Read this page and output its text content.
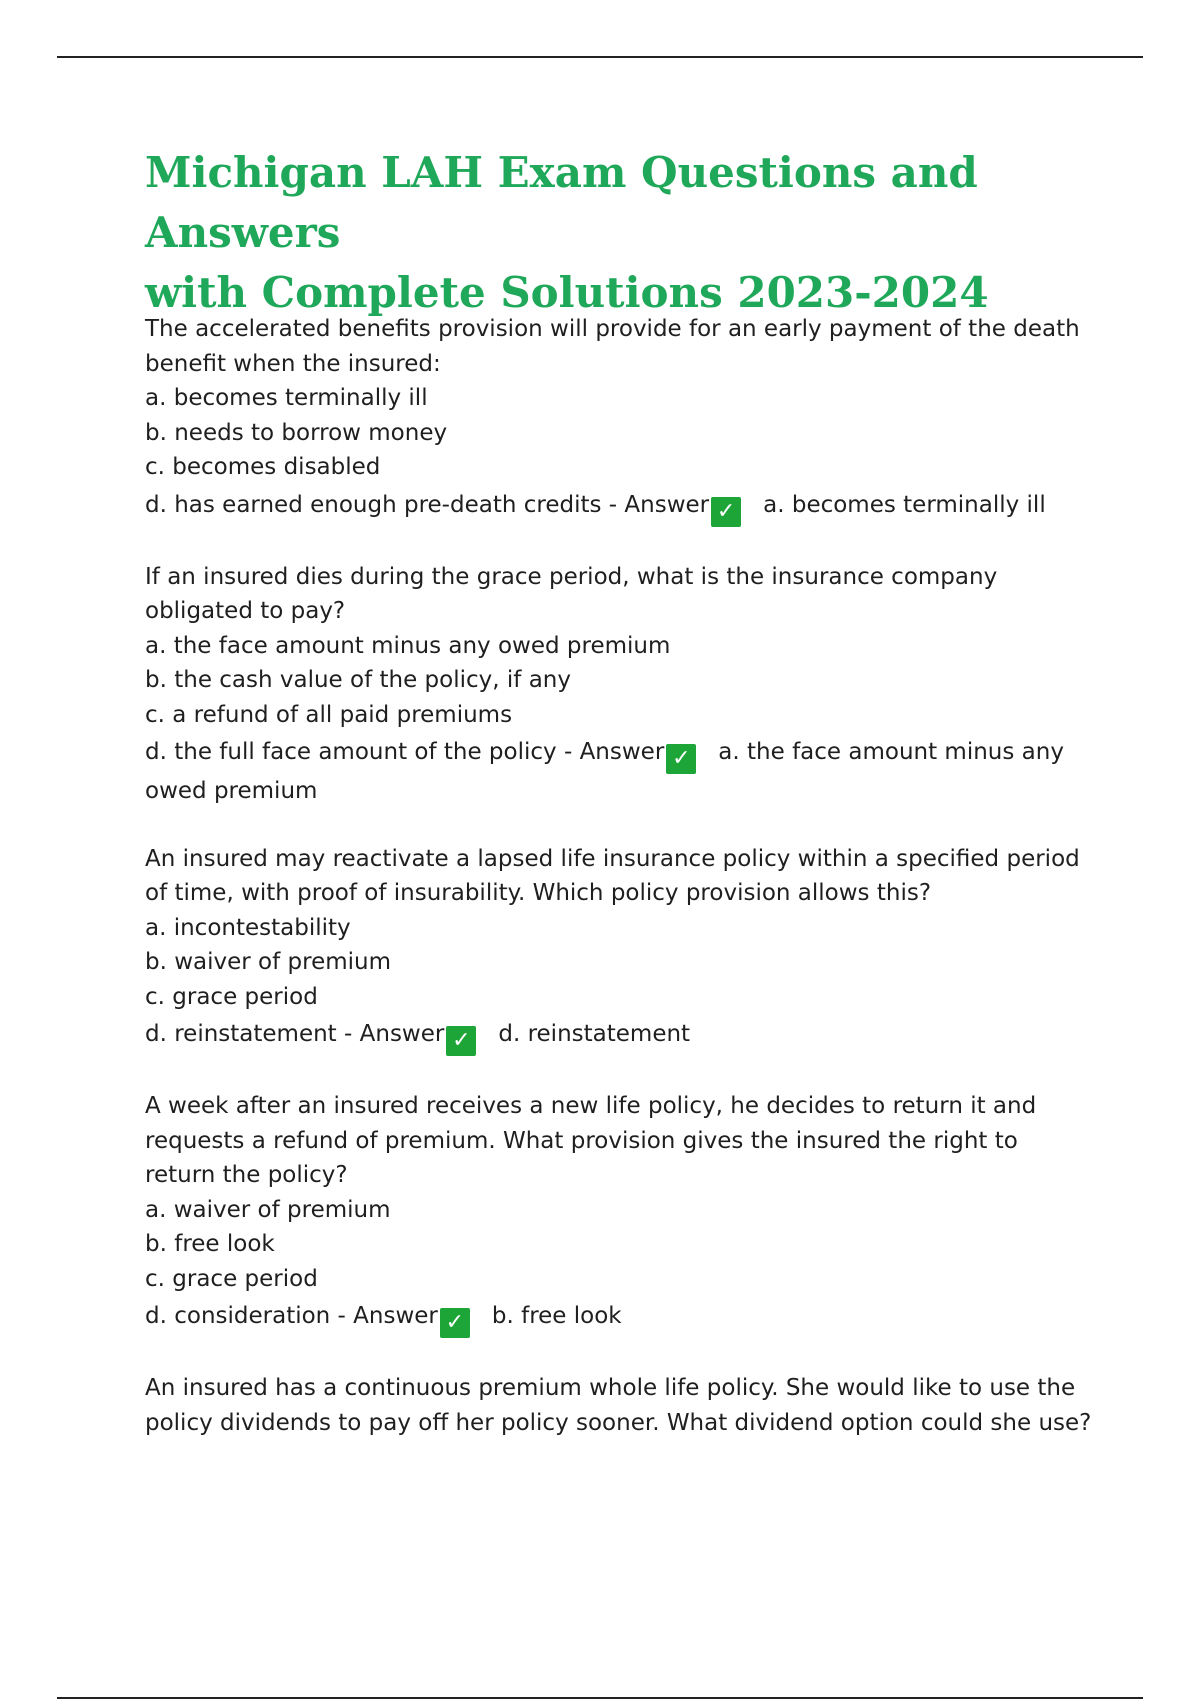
Michigan LAH Exam Questions and Answers
with Complete Solutions 2023-2024
The accelerated benefits provision will provide for an early payment of the death
benefit when the insured:
a. becomes terminally ill
b. needs to borrow money
c. becomes disabled
d. has earned enough pre-death credits - Answer ✓ a. becomes terminally ill
If an insured dies during the grace period, what is the insurance company
obligated to pay?
a. the face amount minus any owed premium
b. the cash value of the policy, if any
c. a refund of all paid premiums
d. the full face amount of the policy - Answer ✓ a. the face amount minus any owed premium
An insured may reactivate a lapsed life insurance policy within a specified period
of time, with proof of insurability. Which policy provision allows this?
a. incontestability
b. waiver of premium
c. grace period
d. reinstatement - Answer ✓ d. reinstatement
A week after an insured receives a new life policy, he decides to return it and
requests a refund of premium. What provision gives the insured the right to
return the policy?
a. waiver of premium
b. free look
c. grace period
d. consideration - Answer ✓ b. free look
An insured has a continuous premium whole life policy. She would like to use the
policy dividends to pay off her policy sooner. What dividend option could she use?
